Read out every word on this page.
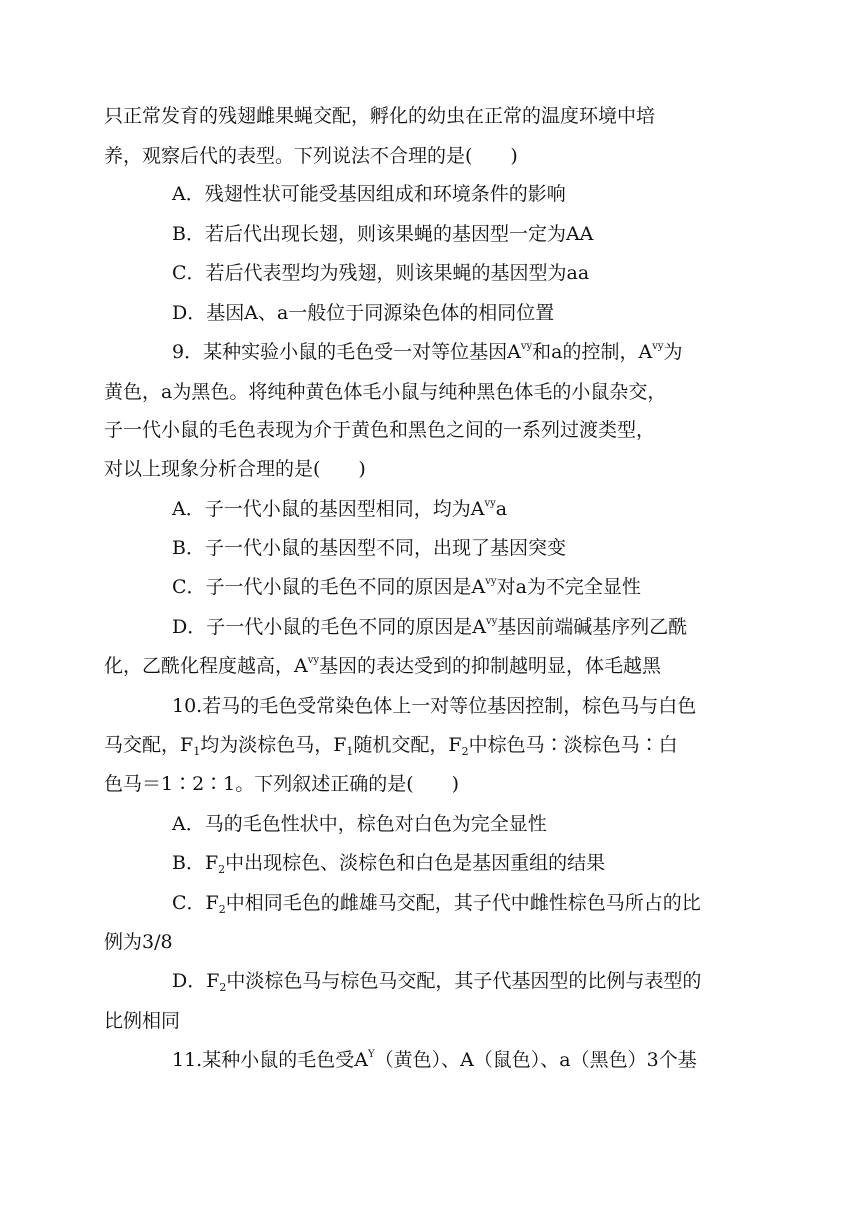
只正常发育的残翅雌果蝇交配，孵化的幼虫在正常的温度环境中培
养，观察后代的表型。下列说法不合理的是(　　)
A．残翅性状可能受基因组成和环境条件的影响
B．若后代出现长翅，则该果蝇的基因型一定为AA
C．若后代表型均为残翅，则该果蝇的基因型为aa
D．基因A、a一般位于同源染色体的相同位置
9．某种实验小鼠的毛色受一对等位基因$A^{vy}$和a的控制，$A^{vy}$为
黄色，a为黑色。将纯种黄色体毛小鼠与纯种黑色体毛的小鼠杂交，
子一代小鼠的毛色表现为介于黄色和黑色之间的一系列过渡类型，
对以上现象分析合理的是(　　)
A．子一代小鼠的基因型相同，均为$A^{vy}a$
B．子一代小鼠的基因型不同，出现了基因突变
C．子一代小鼠的毛色不同的原因是$A^{vy}$对a为不完全显性
D．子一代小鼠的毛色不同的原因是$A^{vy}$基因前端碱基序列乙酰
化，乙酰化程度越高，$A^{vy}$基因的表达受到的抑制越明显，体毛越黑
10.若马的毛色受常染色体上一对等位基因控制，棕色马与白色
马交配，$F_1$均为淡棕色马，$F_1$随机交配，$F_2$中棕色马∶淡棕色马∶白
色马＝1∶2∶1。下列叙述正确的是(　　)
A．马的毛色性状中，棕色对白色为完全显性
B．$F_2$中出现棕色、淡棕色和白色是基因重组的结果
C．$F_2$中相同毛色的雌雄马交配，其子代中雌性棕色马所占的比
例为3/8
D．$F_2$中淡棕色马与棕色马交配，其子代基因型的比例与表型的
比例相同
11.某种小鼠的毛色受$A^Y$（黄色）、A（鼠色）、a（黑色）3个基
